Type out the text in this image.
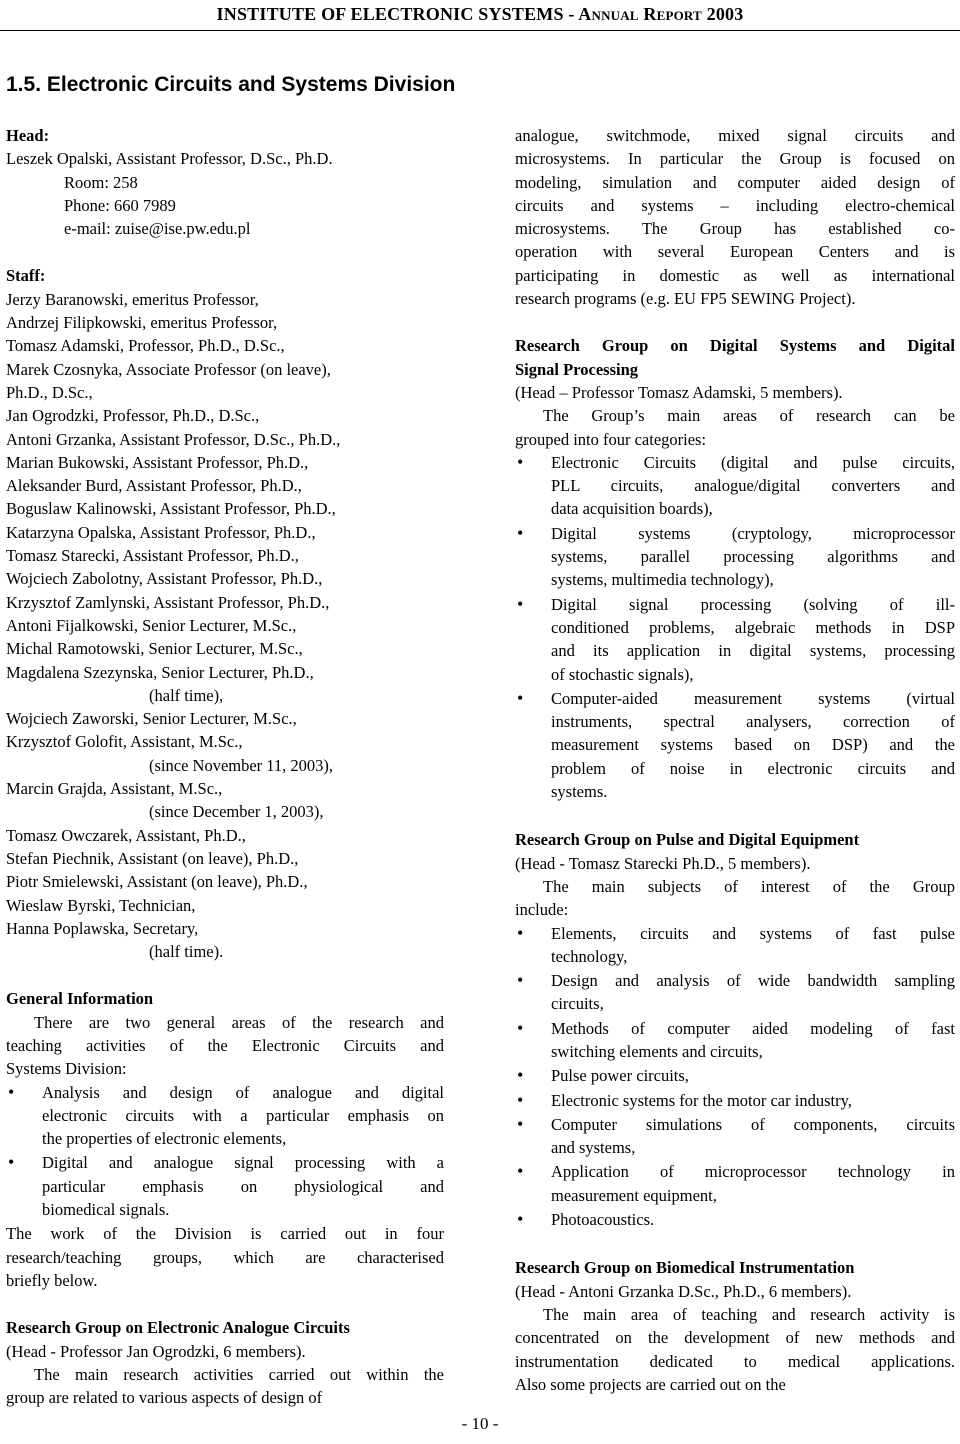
INSTITUTE OF ELECTRONIC SYSTEMS - Annual Report 2003
1.5. Electronic Circuits and Systems Division
Head:
Leszek Opalski, Assistant Professor, D.Sc., Ph.D.
Room: 258
Phone: 660 7989
e-mail: zuise@ise.pw.edu.pl
Staff:
Jerzy Baranowski, emeritus Professor,
Andrzej Filipkowski, emeritus Professor,
Tomasz Adamski, Professor, Ph.D., D.Sc.,
Marek Czosnyka, Associate Professor (on leave),
Ph.D., D.Sc.,
Jan Ogrodzki, Professor, Ph.D., D.Sc.,
Antoni Grzanka, Assistant Professor, D.Sc., Ph.D.,
Marian Bukowski, Assistant Professor, Ph.D.,
Aleksander Burd, Assistant Professor, Ph.D.,
Boguslaw Kalinowski, Assistant Professor, Ph.D.,
Katarzyna Opalska, Assistant Professor, Ph.D.,
Tomasz Starecki, Assistant Professor, Ph.D.,
Wojciech Zabolotny, Assistant Professor, Ph.D.,
Krzysztof Zamlynski, Assistant Professor, Ph.D.,
Antoni Fijalkowski, Senior Lecturer, M.Sc.,
Michal Ramotowski, Senior Lecturer, M.Sc.,
Magdalena Szezynska, Senior Lecturer, Ph.D.,
(half time),
Wojciech Zaworski, Senior Lecturer, M.Sc.,
Krzysztof Golofit, Assistant, M.Sc.,
(since November 11, 2003),
Marcin Grajda, Assistant, M.Sc.,
(since December 1, 2003),
Tomasz Owczarek, Assistant, Ph.D.,
Stefan Piechnik, Assistant (on leave), Ph.D.,
Piotr Smielewski, Assistant (on leave), Ph.D.,
Wieslaw Byrski, Technician,
Hanna Poplawska, Secretary,
(half time).
General Information
There are two general areas of the research and
teaching activities of the Electronic Circuits and
Systems Division:
• Analysis and design of analogue and digital
electronic circuits with a particular emphasis on
the properties of electronic elements,
• Digital and analogue signal processing with a
particular emphasis on physiological and
biomedical signals.
The work of the Division is carried out in four
research/teaching groups, which are characterised
briefly below.
Research Group on Electronic Analogue Circuits
(Head - Professor Jan Ogrodzki, 6 members).
The main research activities carried out within the
group are related to various aspects of design of
analogue, switchmode, mixed signal circuits and
microsystems. In particular the Group is focused on
modeling, simulation and computer aided design of
circuits and systems – including electro-chemical
microsystems. The Group has established co-
operation with several European Centers and is
participating in domestic as well as international
research programs (e.g. EU FP5 SEWING Project).
Research Group on Digital Systems and Digital
Signal Processing
(Head – Professor Tomasz Adamski, 5 members).
The Group’s main areas of research can be
grouped into four categories:
• Electronic Circuits (digital and pulse circuits,
PLL circuits, analogue/digital converters and
data acquisition boards),
• Digital systems (cryptology, microprocessor
systems, parallel processing algorithms and
systems, multimedia technology),
• Digital signal processing (solving of ill-
conditioned problems, algebraic methods in DSP
and its application in digital systems, processing
of stochastic signals),
• Computer-aided measurement systems (virtual
instruments, spectral analysers, correction of
measurement systems based on DSP) and the
problem of noise in electronic circuits and
systems.
Research Group on Pulse and Digital Equipment
(Head - Tomasz Starecki Ph.D., 5 members).
The main subjects of interest of the Group
include:
• Elements, circuits and systems of fast pulse
technology,
• Design and analysis of wide bandwidth sampling
circuits,
• Methods of computer aided modeling of fast
switching elements and circuits,
• Pulse power circuits,
• Electronic systems for the motor car industry,
• Computer simulations of components, circuits
and systems,
• Application of microprocessor technology in
measurement equipment,
• Photoacoustics.
Research Group on Biomedical Instrumentation
(Head - Antoni Grzanka D.Sc., Ph.D., 6 members).
The main area of teaching and research activity is
concentrated on the development of new methods and
instrumentation dedicated to medical applications.
Also some projects are carried out on the
- 10 -
